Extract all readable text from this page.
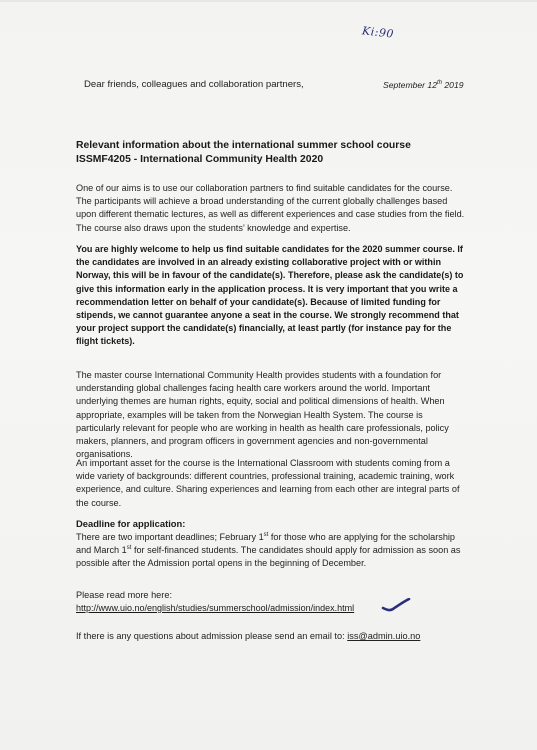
Ki:90
Dear friends, colleagues and collaboration partners,	September 12th 2019
Relevant information about the international summer school course
ISSMF4205 - International Community Health 2020

One of our aims is to use our collaboration partners to find suitable candidates for the course. The participants will achieve a broad understanding of the current globally challenges based upon different thematic lectures, as well as different experiences and case studies from the field. The course also draws upon the students’ knowledge and expertise.

You are highly welcome to help us find suitable candidates for the 2020 summer course. If the candidates are involved in an already existing collaborative project with or within Norway, this will be in favour of the candidate(s). Therefore, please ask the candidate(s) to give this information early in the application process. It is very important that you write a recommendation letter on behalf of your candidate(s). Because of limited funding for stipends, we cannot guarantee anyone a seat in the course. We strongly recommend that your project support the candidate(s) financially, at least partly (for instance pay for the flight tickets).

The master course International Community Health provides students with a foundation for understanding global challenges facing health care workers around the world. Important underlying themes are human rights, equity, social and political dimensions of health. When appropriate, examples will be taken from the Norwegian Health System. The course is particularly relevant for people who are working in health as health care professionals, policy makers, planners, and program officers in government agencies and non-governmental organisations.

An important asset for the course is the International Classroom with students coming from a wide variety of backgrounds: different countries, professional training, academic training, work experience, and culture. Sharing experiences and learning from each other are integral parts of the course.

Deadline for application:

There are two important deadlines; February 1st for those who are applying for the scholarship and March 1st for self-financed students. The candidates should apply for admission as soon as possible after the Admission portal opens in the beginning of December.

Please read more here:
http://www.uio.no/english/studies/summerschool/admission/index.html
If there is any questions about admission please send an email to: iss@admin.uio.no
